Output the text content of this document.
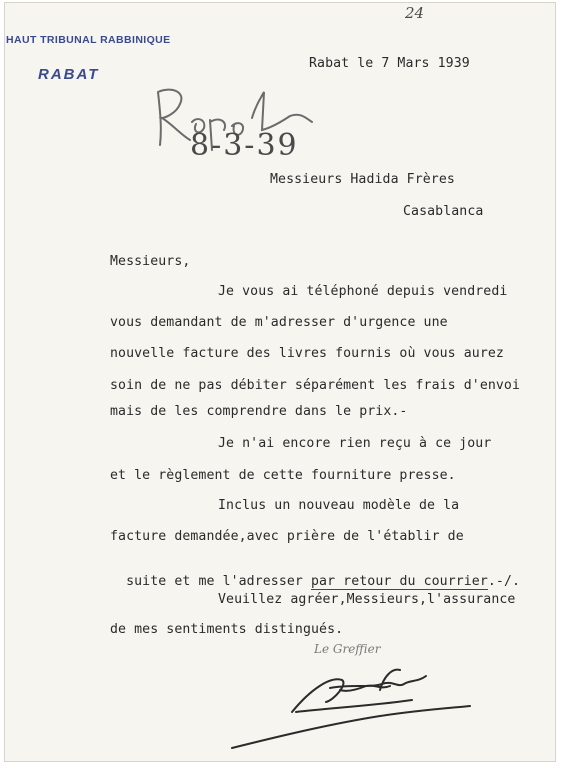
24
HAUT TRIBUNAL RABBINIQUE
RABAT
8-3-39
Le Greffier
Rabat le 7 Mars 1939
Messieurs Hadida Frères
Casablanca
Messieurs,
Je vous ai téléphoné depuis vendredi
vous demandant de m'adresser d'urgence une
nouvelle facture des livres fournis où vous aurez
soin de ne pas débiter séparément les frais d'envoi
mais de les comprendre dans le prix.-
Je n'ai encore rien reçu à ce jour
et le règlement de cette fourniture presse.
Inclus un nouveau modèle de la
facture demandée,avec prière de l'établir de

suite et me l'adresser par retour du courrier.-/.

Veuillez agréer,Messieurs,l'assurance
de mes sentiments distingués.
